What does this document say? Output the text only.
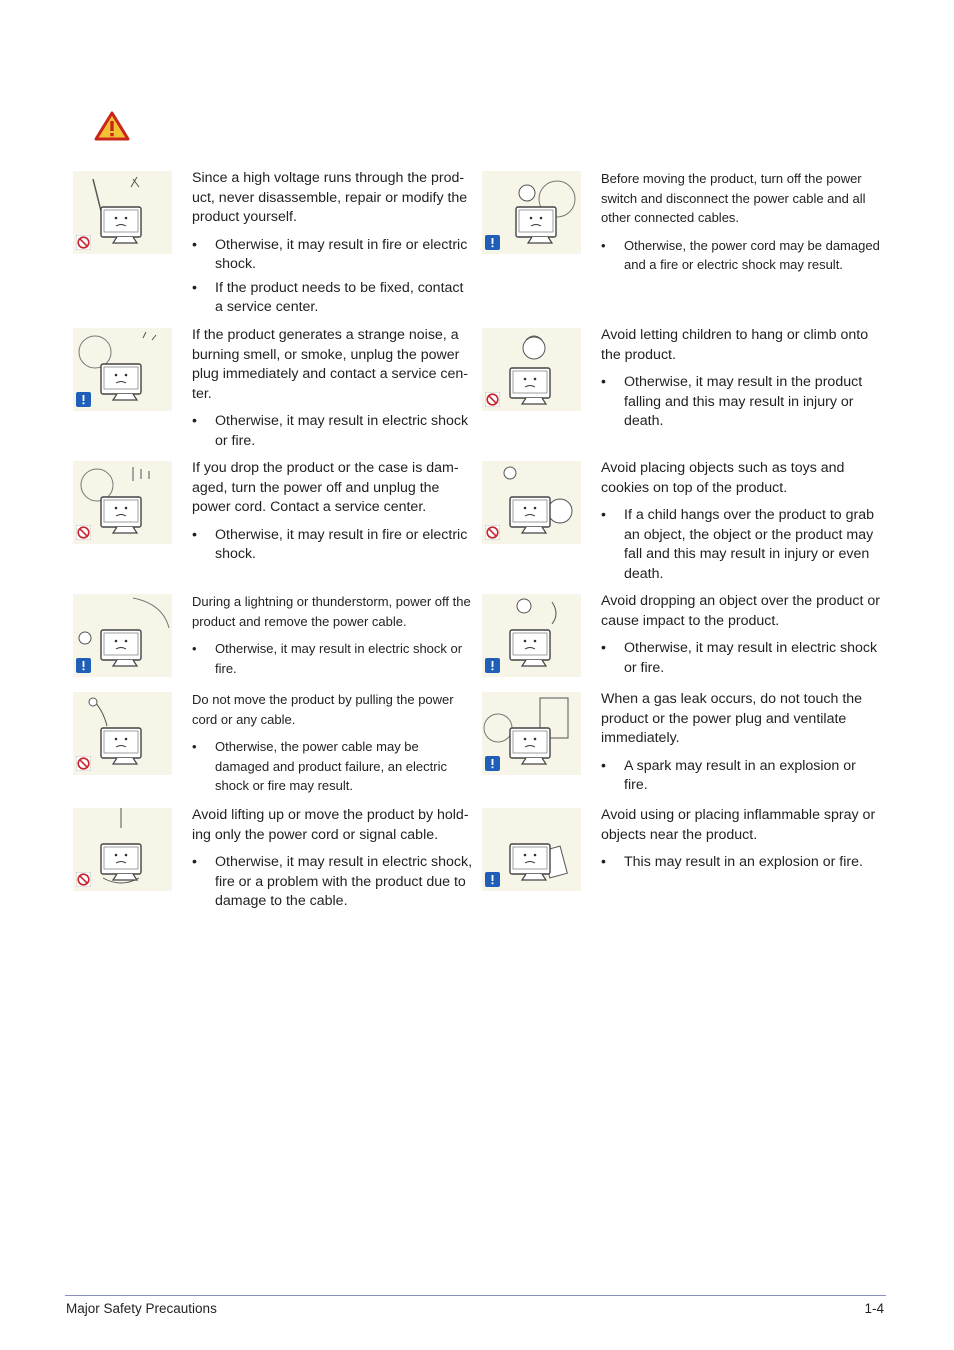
Since a high voltage runs through the prod-uct, never disassemble, repair or modify the product yourself.

• Otherwise, it may result in fire or electric shock.
• If the product needs to be fixed, contact a service center.

Before moving the product, turn off the power switch and disconnect the power cable and all other connected cables.

• Otherwise, the power cord may be damaged and a fire or electric shock may result.

If the product generates a strange noise, a burning smell, or smoke, unplug the power plug immediately and contact a service cen-ter.

• Otherwise, it may result in electric shock or fire.

Avoid letting children to hang or climb onto the product.

• Otherwise, it may result in the product falling and this may result in injury or death.

If you drop the product or the case is dam-aged, turn the power off and unplug the power cord. Contact a service center.

• Otherwise, it may result in fire or electric shock.

Avoid placing objects such as toys and cookies on top of the product.

• If a child hangs over the product to grab an object, the object or the product may fall and this may result in injury or even death.

During a lightning or thunderstorm, power off the product and remove the power cable.

• Otherwise, it may result in electric shock or fire.

Avoid dropping an object over the product or cause impact to the product.

• Otherwise, it may result in electric shock or fire.

Do not move the product by pulling the power cord or any cable.

• Otherwise, the power cable may be damaged and product failure, an electric shock or fire may result.

When a gas leak occurs, do not touch the product or the power plug and ventilate immediately.

• A spark may result in an explosion or fire.

Avoid lifting up or move the product by hold-ing only the power cord or signal cable.

• Otherwise, it may result in electric shock, fire or a problem with the product due to damage to the cable.

Avoid using or placing inflammable spray or objects near the product.

• This may result in an explosion or fire.
Major Safety Precautions	1-4
